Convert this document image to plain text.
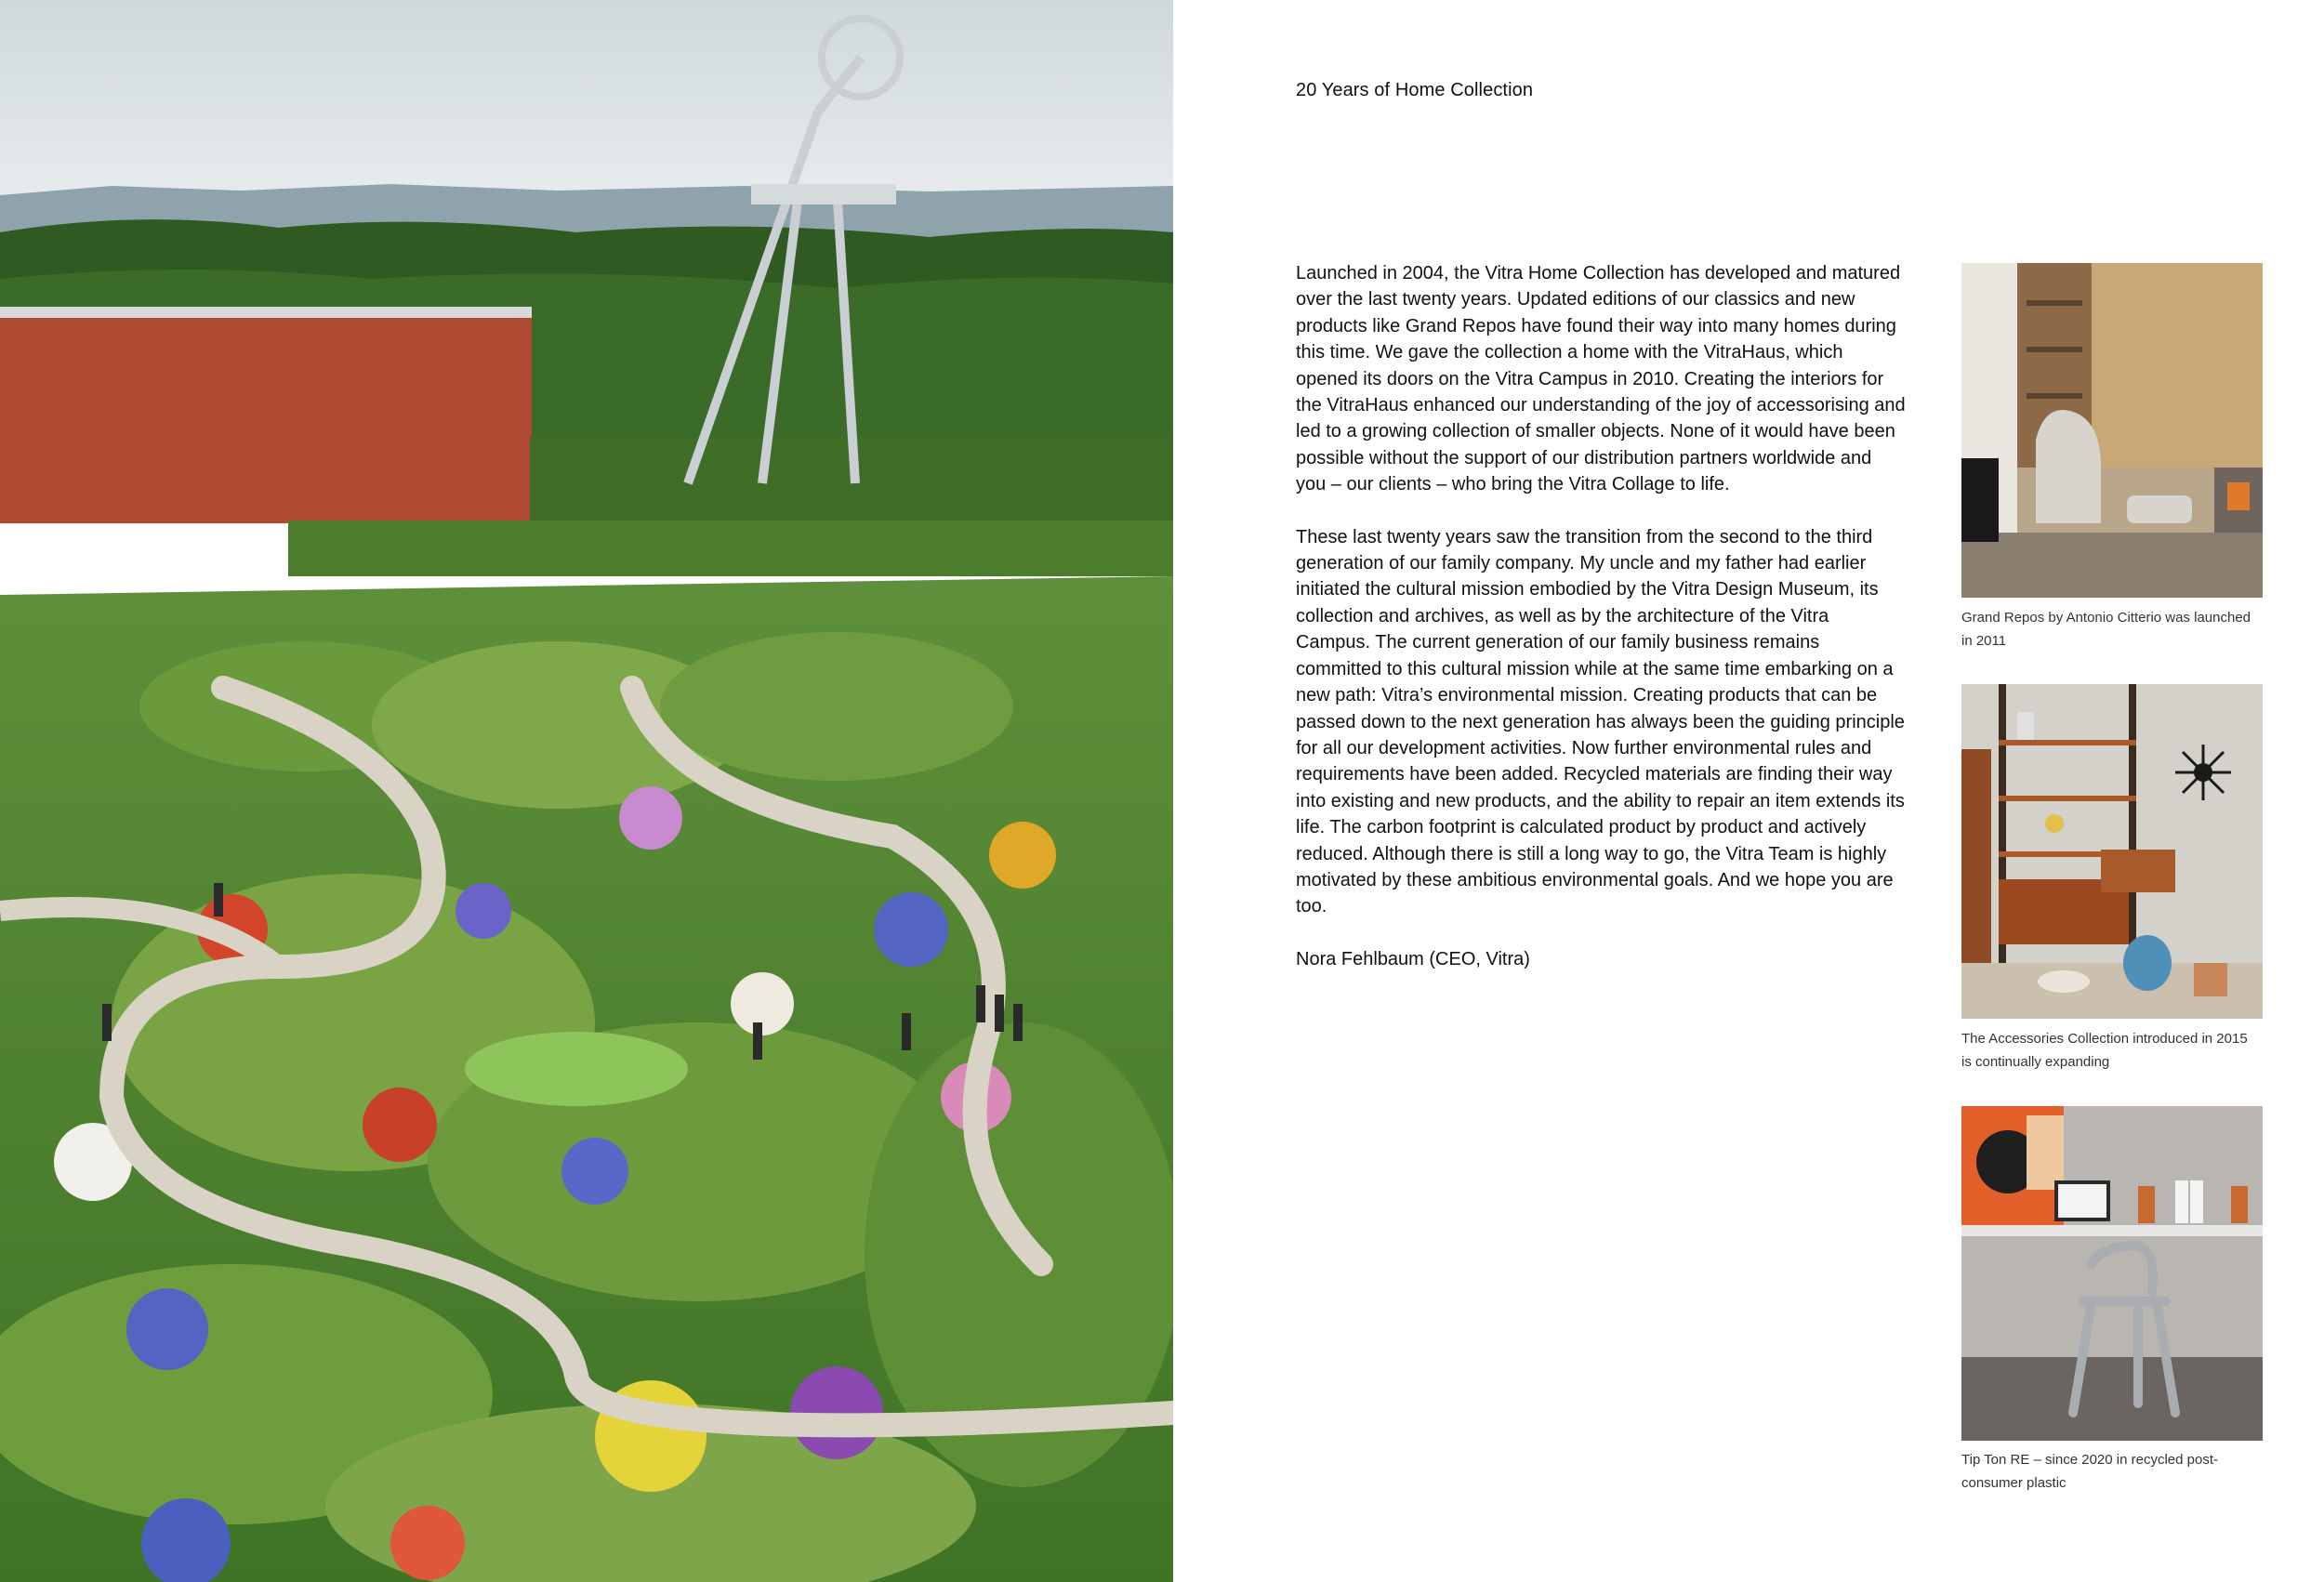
20 Years of Home Collection

Launched in 2004, the Vitra Home Collection has developed and matured over the last twenty years. Updated editions of our classics and new products like Grand Repos have found their way into many homes during this time. We gave the collection a home with the VitraHaus, which opened its doors on the Vitra Campus in 2010. Creating the interiors for the VitraHaus enhanced our understanding of the joy of accessorising and led to a growing collection of smaller objects. None of it would have been possible without the support of our distribution partners worldwide and you – our clients – who bring the Vitra Collage to life.

These last twenty years saw the transition from the second to the third generation of our family company. My uncle and my father had earlier initiated the cultural mission embodied by the Vitra Design Museum, its collection and archives, as well as by the architecture of the Vitra Campus. The current generation of our family business remains committed to this cultural mission while at the same time embarking on a new path: Vitra’s environmental mission. Creating products that can be passed down to the next generation has always been the guiding principle for all our development activities. Now further environmental rules and requirements have been added. Recycled materials are finding their way into existing and new products, and the ability to repair an item extends its life. The carbon footprint is calculated product by product and actively reduced. Although there is still a long way to go, the Vitra Team is highly motivated by these ambitious environmental goals. And we hope you are too.

Nora Fehlbaum (CEO, Vitra)

Grand Repos by Antonio Citterio was launched in 2011
The Accessories Collection introduced in 2015 is continually expanding
Tip Ton RE – since 2020 in recycled post-consumer plastic
